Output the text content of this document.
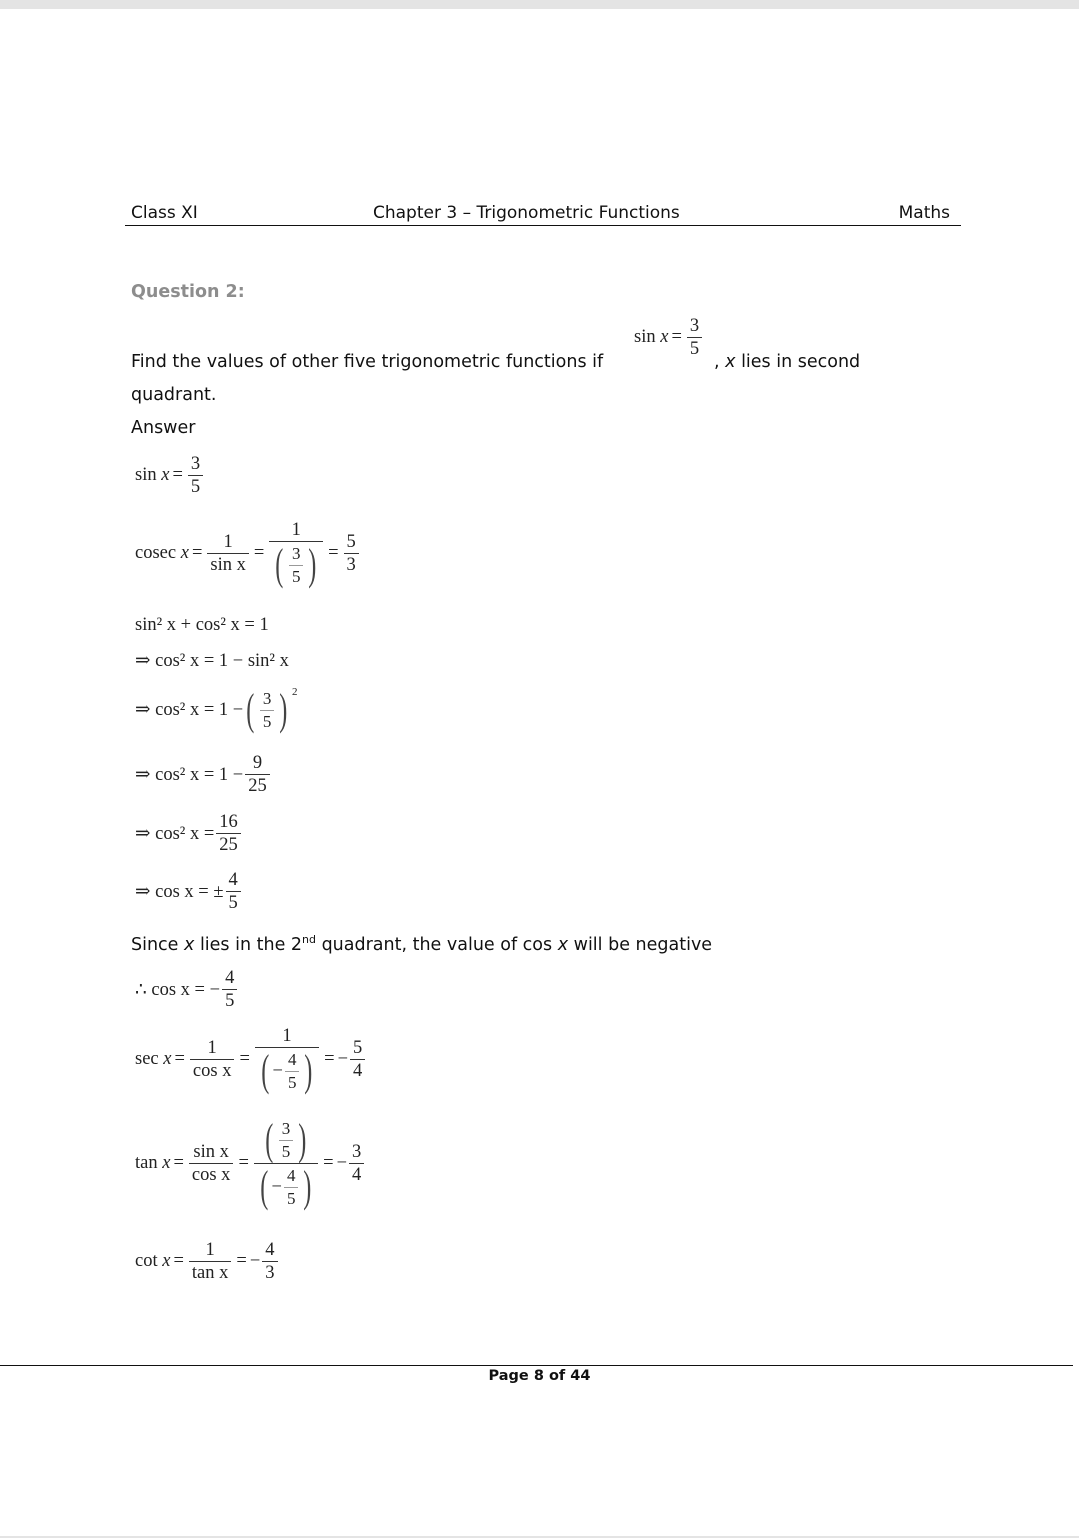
Class XI	Chapter 3 – Trigonometric Functions	Maths
Question 2:
Find the values of other five trigonometric functions if
sin
$x = \frac{3}{5}$
, x lies in second
quadrant.
Answer
sin
$x = \frac{3}{5}$
cosec
$x = \frac{1}{\text{sin x}} = \frac{1}{( \frac{3}{5} )} = \frac{5}{3}$
sin² x + cos² x = 1
⇒ cos² x = 1 − sin² x
⇒ cos² x = 1 − ( $\frac{3}{5}$ ) 2
⇒ cos² $x = 1 - \frac{9}{25}$
⇒ cos² $x = \frac{16}{25}$
⇒ cos x = ± $\frac{4}{5}$
Since x lies in the 2nd quadrant, the value of cos x will be negative
∴ cos x = − $\frac{4}{5}$
sec
$x = \frac{1}{\text{cos x}} = \frac{1}{( - \frac{4}{5} )}$ = − $\frac{5}{4}$
tan
$x = \frac{\text{sin x}}{\text{cos x}} = \frac{( \frac{3}{5} )}{( - \frac{4}{5} )}$ = − $\frac{3}{4}$
cot
$x = \frac{1}{\text{tan x}}$ = − $\frac{4}{3}$
Page 8 of 44
